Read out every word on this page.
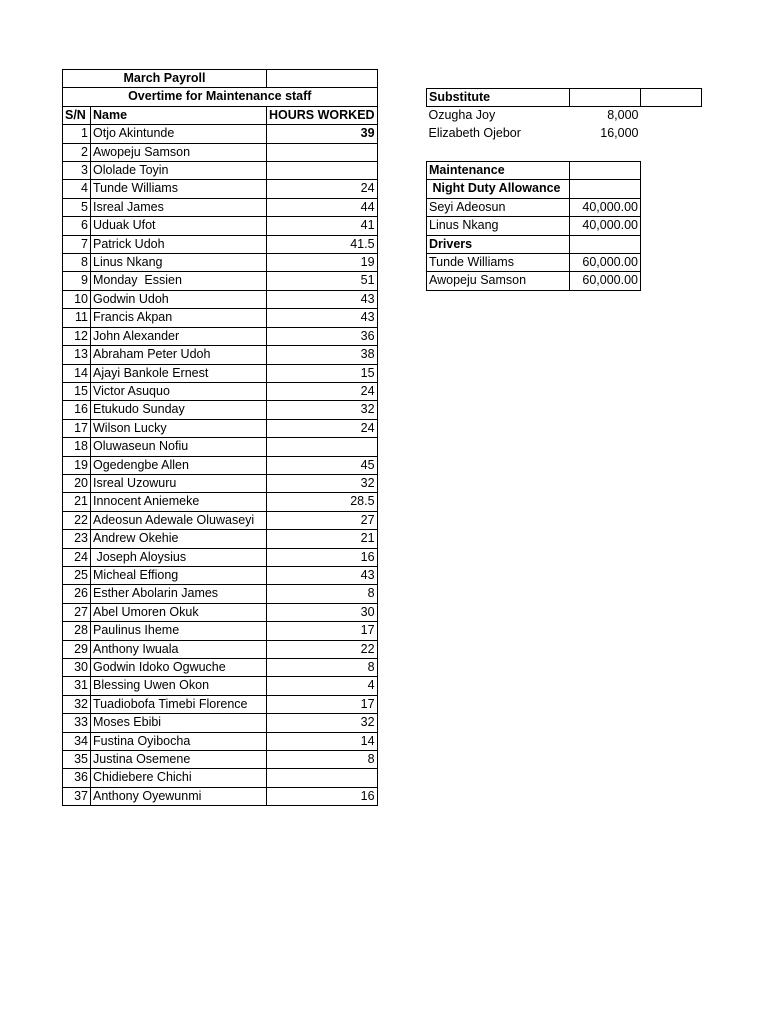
March Payroll		
Overtime for Maintenance staff		
S/N	Name	HOURS WORKED
1	Otjo Akintunde	39
2	Awopeju Samson	
3	Ololade Toyin	
4	Tunde Williams	24
5	Isreal James	44
6	Uduak Ufot	41
7	Patrick Udoh	41.5
8	Linus Nkang	19
9	Monday  Essien	51
10	Godwin Udoh	43
11	Francis Akpan	43
12	John Alexander	36
13	Abraham Peter Udoh	38
14	Ajayi Bankole Ernest	15
15	Victor Asuquo	24
16	Etukudo Sunday	32
17	Wilson Lucky	24
18	Oluwaseun Nofiu	
19	Ogedengbe Allen	45
20	Isreal Uzowuru	32
21	Innocent Aniemeke	28.5
22	Adeosun Adewale Oluwaseyi	27
23	Andrew Okehie	21
24	Joseph Aloysius	16
25	Micheal Effiong	43
26	Esther Abolarin James	8
27	Abel Umoren Okuk	30
28	Paulinus Iheme	17
29	Anthony Iwuala	22
30	Godwin Idoko Ogwuche	8
31	Blessing Uwen Okon	4
32	Tuadiobofa Timebi Florence	17
33	Moses Ebibi	32
34	Fustina Oyibocha	14
35	Justina Osemene	8
36	Chidiebere Chichi	
37	Anthony Oyewunmi	16
Substitute		
Ozugha Joy	8,000	
Elizabeth Ojebor	16,000	
Maintenance	
Night Duty Allowance	
Seyi Adeosun	40,000.00
Linus Nkang	40,000.00
Drivers	
Tunde Williams	60,000.00
Awopeju Samson	60,000.00
